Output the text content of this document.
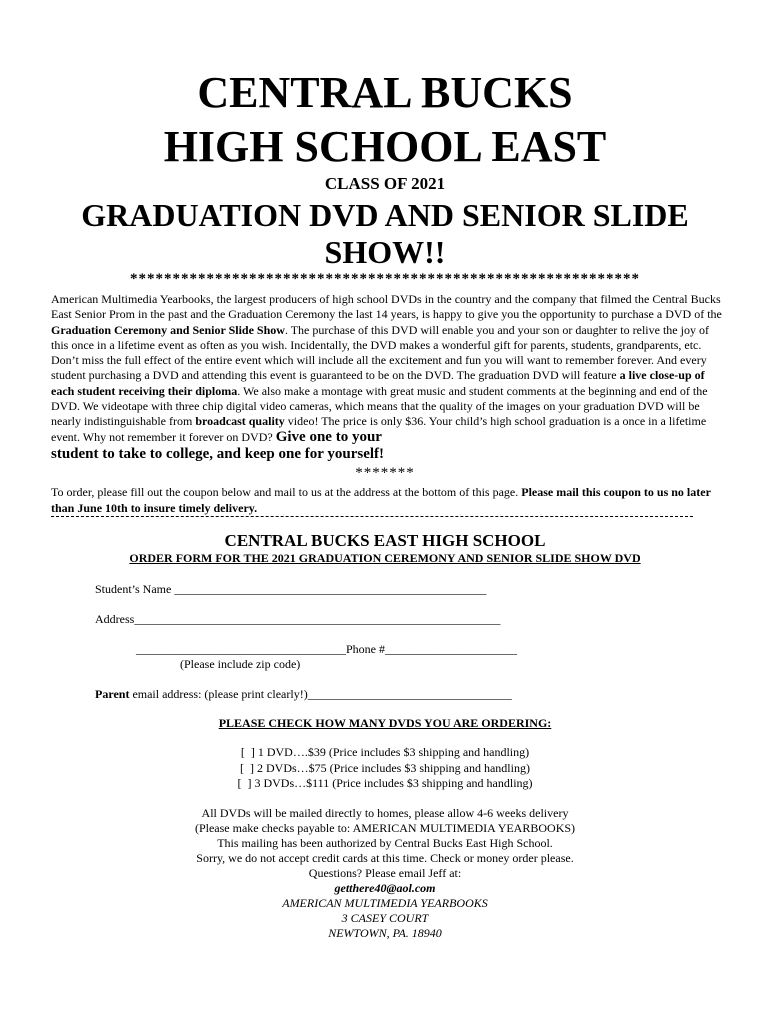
CENTRAL BUCKS
HIGH SCHOOL EAST
CLASS OF 2021
GRADUATION DVD AND SENIOR SLIDE
SHOW!!
************************************************************
American Multimedia Yearbooks, the largest producers of high school DVDs in the country and the company that filmed the Central Bucks East Senior Prom in the past and the Graduation Ceremony the last 14 years, is happy to give you the opportunity to purchase a DVD of the Graduation Ceremony and Senior Slide Show. The purchase of this DVD will enable you and your son or daughter to relive the joy of this once in a lifetime event as often as you wish. Incidentally, the DVD makes a wonderful gift for parents, students, grandparents, etc. Don’t miss the full effect of the entire event which will include all the excitement and fun you will want to remember forever. And every student purchasing a DVD and attending this event is guaranteed to be on the DVD. The graduation DVD will feature a live close-up of each student receiving their diploma. We also make a montage with great music and student comments at the beginning and end of the DVD. We videotape with three chip digital video cameras, which means that the quality of the images on your graduation DVD will be nearly indistinguishable from broadcast quality video! The price is only $36. Your child’s high school graduation is a once in a lifetime event. Why not remember it forever on DVD? Give one to your
student to take to college, and keep one for yourself!
*******
To order, please fill out the coupon below and mail to us at the address at the bottom of this page. Please mail this coupon to us no later than June 10th to insure timely delivery.
CENTRAL BUCKS EAST HIGH SCHOOL
ORDER FORM FOR THE 2021 GRADUATION CEREMONY AND SENIOR SLIDE SHOW DVD
Student’s Name ____________________________________________________
Address_____________________________________________________________
___________________________________Phone #______________________
(Please include zip code)
Parent email address: (please print clearly!)__________________________________
PLEASE CHECK HOW MANY DVDS YOU ARE ORDERING:
[  ] 1 DVD….$39 (Price includes $3 shipping and handling)
[  ] 2 DVDs…$75 (Price includes $3 shipping and handling)
[  ] 3 DVDs…$111 (Price includes $3 shipping and handling)
All DVDs will be mailed directly to homes, please allow 4-6 weeks delivery
(Please make checks payable to: AMERICAN MULTIMEDIA YEARBOOKS)
This mailing has been authorized by Central Bucks East High School.
Sorry, we do not accept credit cards at this time. Check or money order please.
Questions? Please email Jeff at:
getthere40@aol.com
AMERICAN MULTIMEDIA YEARBOOKS
3 CASEY COURT
NEWTOWN, PA. 18940
